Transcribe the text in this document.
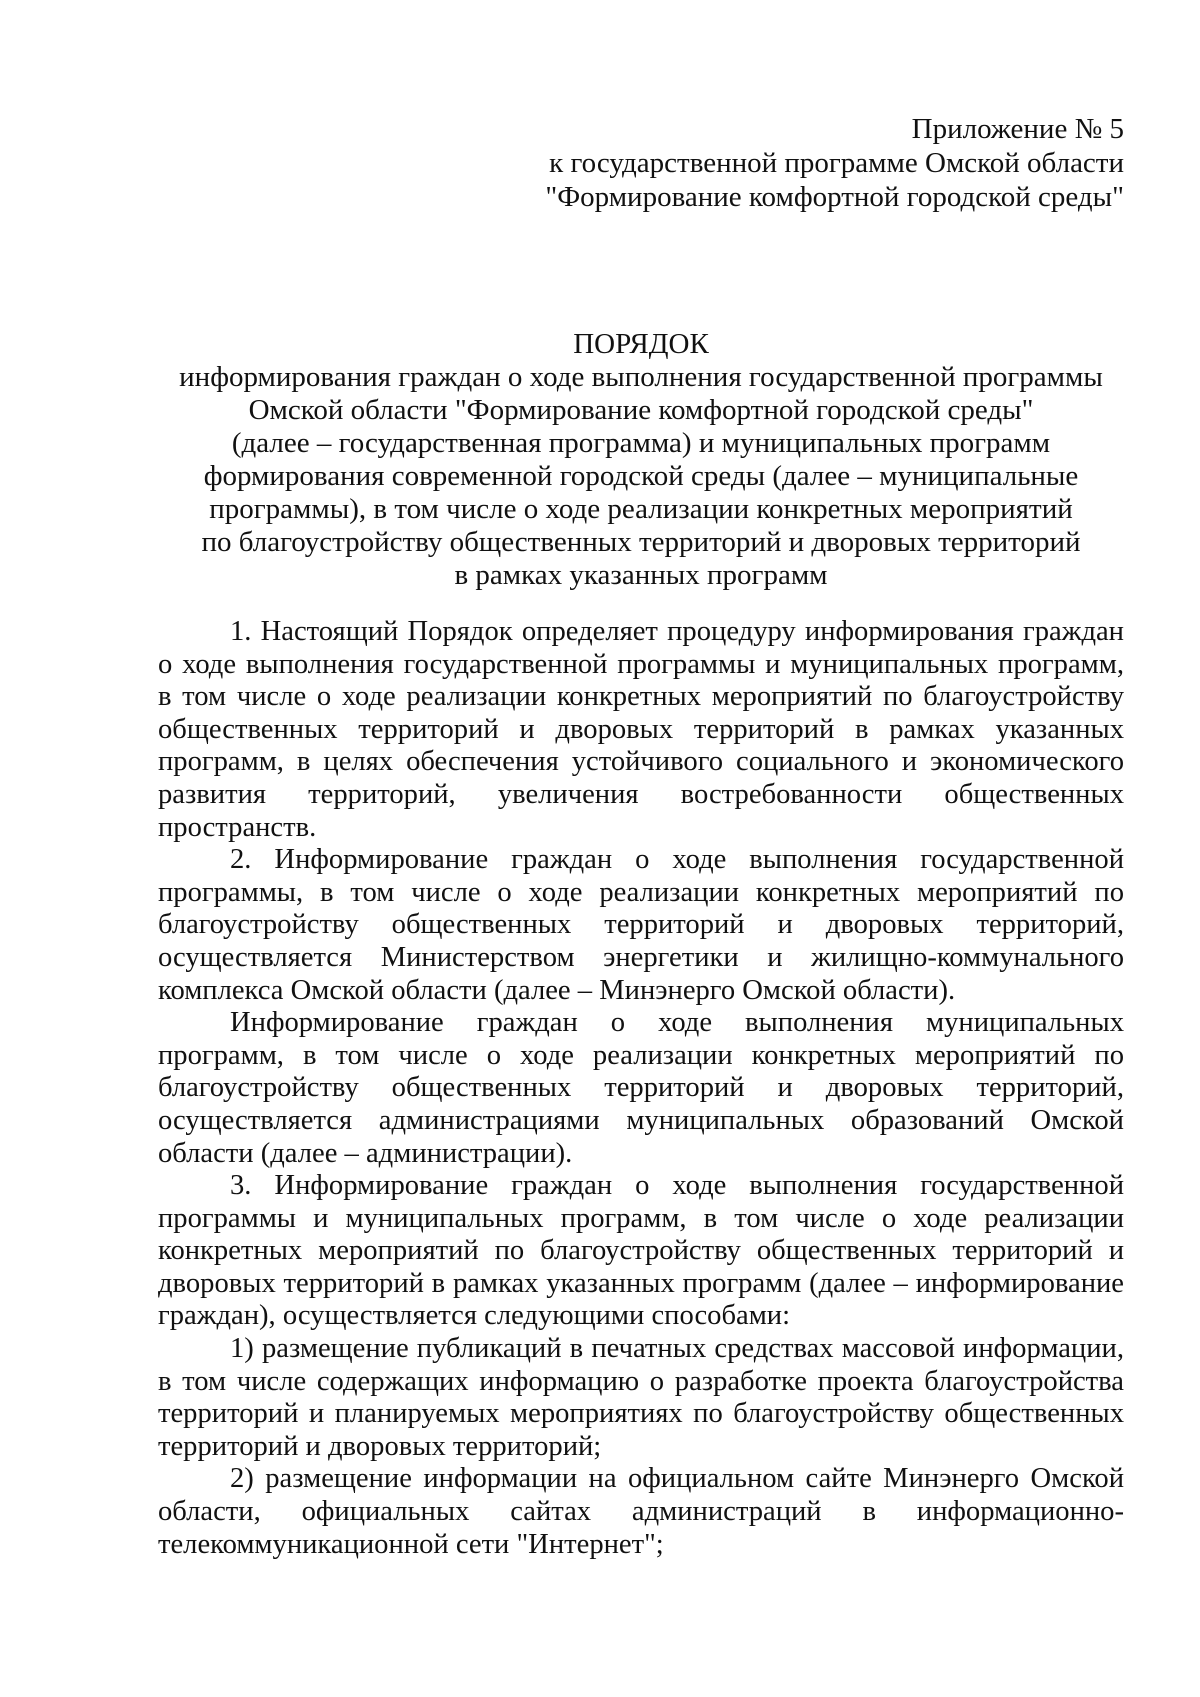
Приложение № 5
к государственной программе Омской области
"Формирование комфортной городской среды"
ПОРЯДОК
информирования граждан о ходе выполнения государственной программы
Омской области "Формирование комфортной городской среды"
(далее – государственная программа) и муниципальных программ
формирования современной городской среды (далее – муниципальные
программы), в том числе о ходе реализации конкретных мероприятий
по благоустройству общественных территорий и дворовых территорий
в рамках указанных программ

1. Настоящий Порядок определяет процедуру информирования граждан о ходе выполнения государственной программы и муниципальных программ, в том числе о ходе реализации конкретных мероприятий по благоустройству общественных территорий и дворовых территорий в рамках указанных программ, в целях обеспечения устойчивого социального и экономического развития территорий, увеличения востребованности общественных пространств.

2. Информирование граждан о ходе выполнения государственной программы, в том числе о ходе реализации конкретных мероприятий по благоустройству общественных территорий и дворовых территорий, осуществляется Министерством энергетики и жилищно-коммунального комплекса Омской области (далее – Минэнерго Омской области).

Информирование граждан о ходе выполнения муниципальных программ, в том числе о ходе реализации конкретных мероприятий по благоустройству общественных территорий и дворовых территорий, осуществляется администрациями муниципальных образований Омской области (далее – администрации).

3. Информирование граждан о ходе выполнения государственной программы и муниципальных программ, в том числе о ходе реализации конкретных мероприятий по благоустройству общественных территорий и дворовых территорий в рамках указанных программ (далее – информирование граждан), осуществляется следующими способами:

1) размещение публикаций в печатных средствах массовой информации, в том числе содержащих информацию о разработке проекта благоустройства территорий и планируемых мероприятиях по благоустройству общественных территорий и дворовых территорий;

2) размещение информации на официальном сайте Минэнерго Омской области, официальных сайтах администраций в информационно-телекоммуникационной сети "Интернет";
